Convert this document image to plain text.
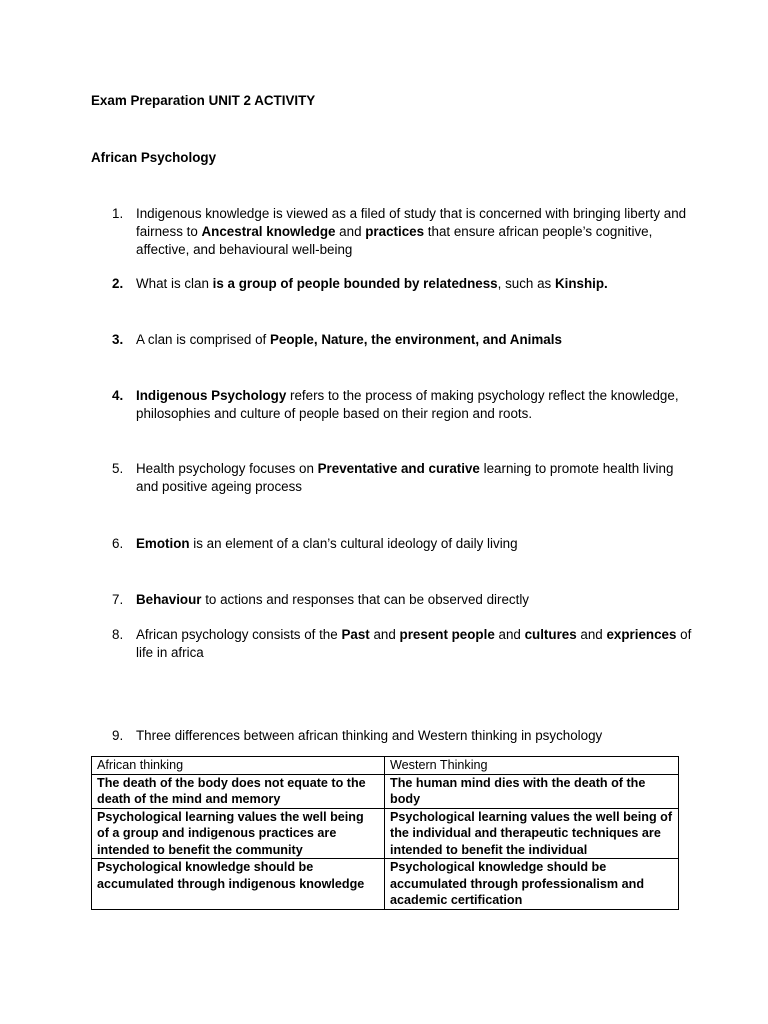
Exam Preparation UNIT 2 ACTIVITY
African Psychology
1. Indigenous knowledge is viewed as a filed of study that is concerned with bringing liberty and fairness to Ancestral knowledge and practices that ensure african people’s cognitive, affective, and behavioural well-being
2. What is clan is a group of people bounded by relatedness, such as Kinship.
3. A clan is comprised of People, Nature, the environment, and Animals
4. Indigenous Psychology refers to the process of making psychology reflect the knowledge, philosophies and culture of people based on their region and roots.
5. Health psychology focuses on Preventative and curative learning to promote health living and positive ageing process
6. Emotion is an element of a clan’s cultural ideology of daily living
7. Behaviour to actions and responses that can be observed directly
8. African psychology consists of the Past and present people and cultures and expriences of life in africa
9. Three differences between african thinking and Western thinking in psychology
African thinking	Western Thinking
The death of the body does not equate to the death of the mind and memory	The human mind dies with the death of the body
Psychological learning values the well being of a group and indigenous practices are intended to benefit the community	Psychological learning values the well being of the individual and therapeutic techniques are intended to benefit the individual
Psychological knowledge should be accumulated through indigenous knowledge	Psychological knowledge should be accumulated through professionalism and academic certification
